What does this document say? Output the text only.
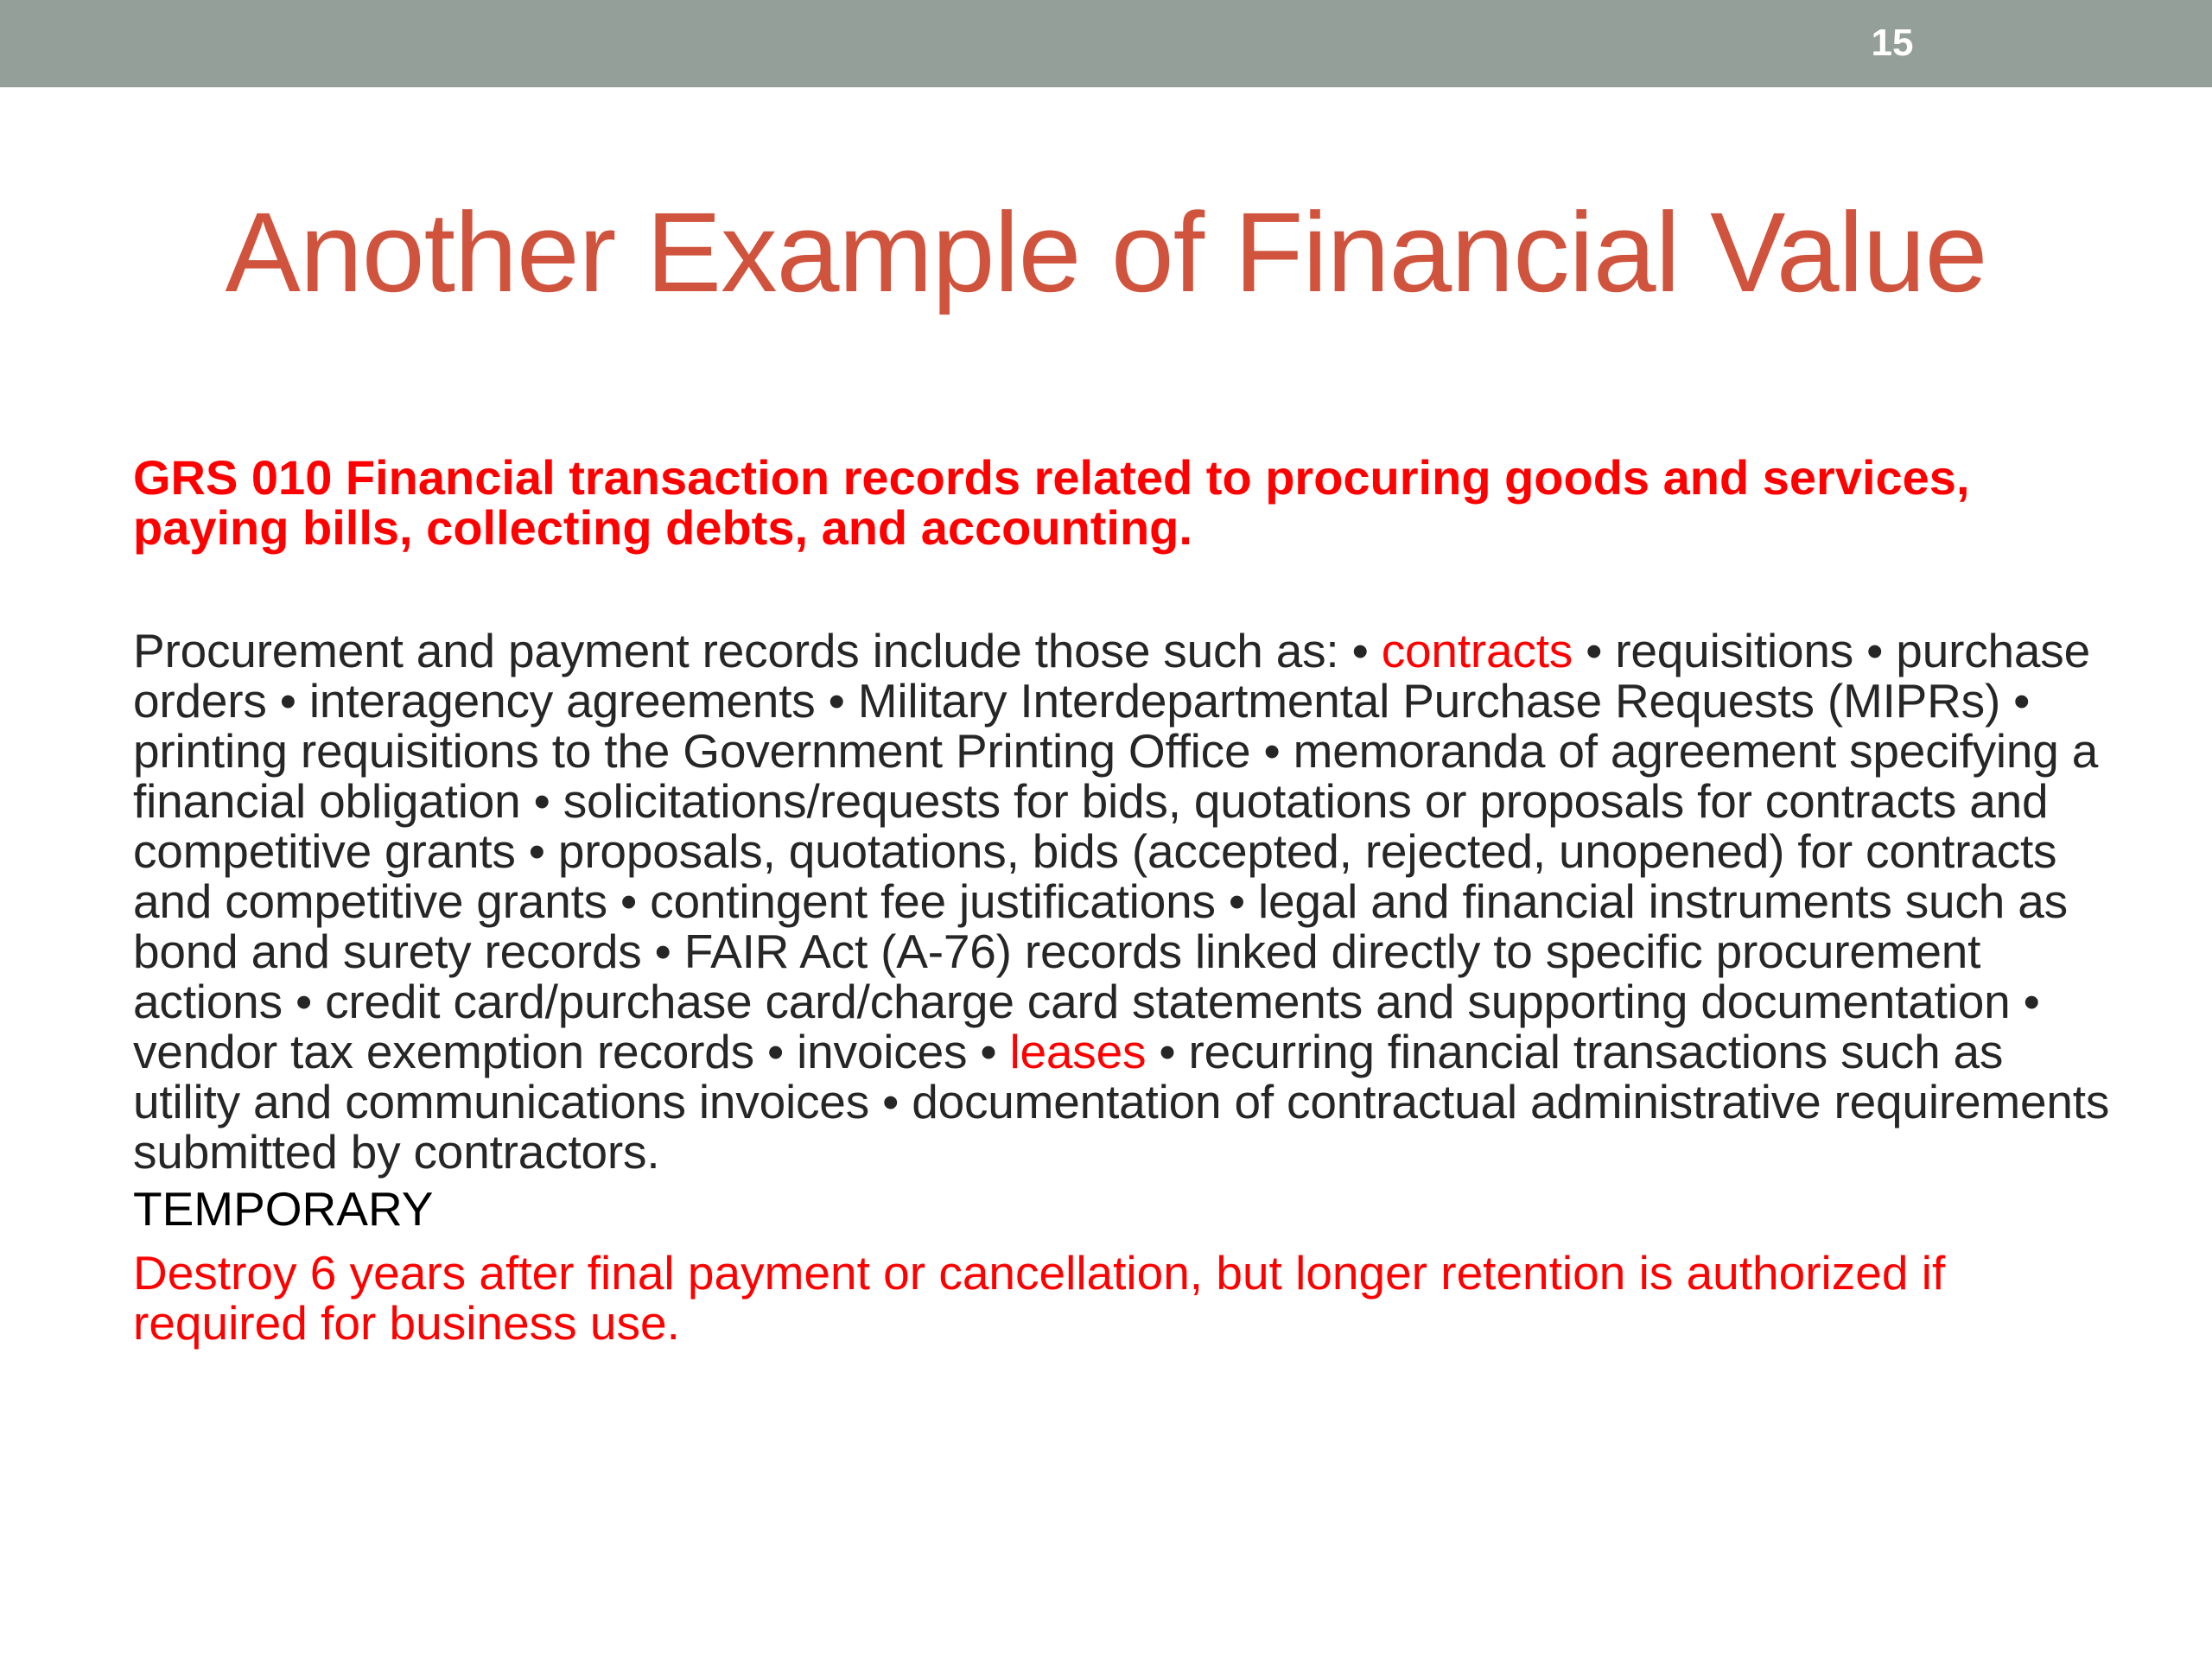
15
Another Example of Financial Value

GRS 010 Financial transaction records related to procuring goods and services, paying bills, collecting debts, and accounting.

Procurement and payment records include those such as: • contracts • requisitions • purchase orders • interagency agreements • Military Interdepartmental Purchase Requests (MIPRs) • printing requisitions to the Government Printing Office • memoranda of agreement specifying a financial obligation • solicitations/requests for bids, quotations or proposals for contracts and competitive grants • proposals, quotations, bids (accepted, rejected, unopened) for contracts and competitive grants • contingent fee justifications • legal and financial instruments such as bond and surety records • FAIR Act (A-76) records linked directly to specific procurement actions • credit card/purchase card/charge card statements and supporting documentation • vendor tax exemption records • invoices • leases • recurring financial transactions such as utility and communications invoices • documentation of contractual administrative requirements submitted by contractors.

TEMPORARY

Destroy 6 years after final payment or cancellation, but longer retention is authorized if required for business use.
